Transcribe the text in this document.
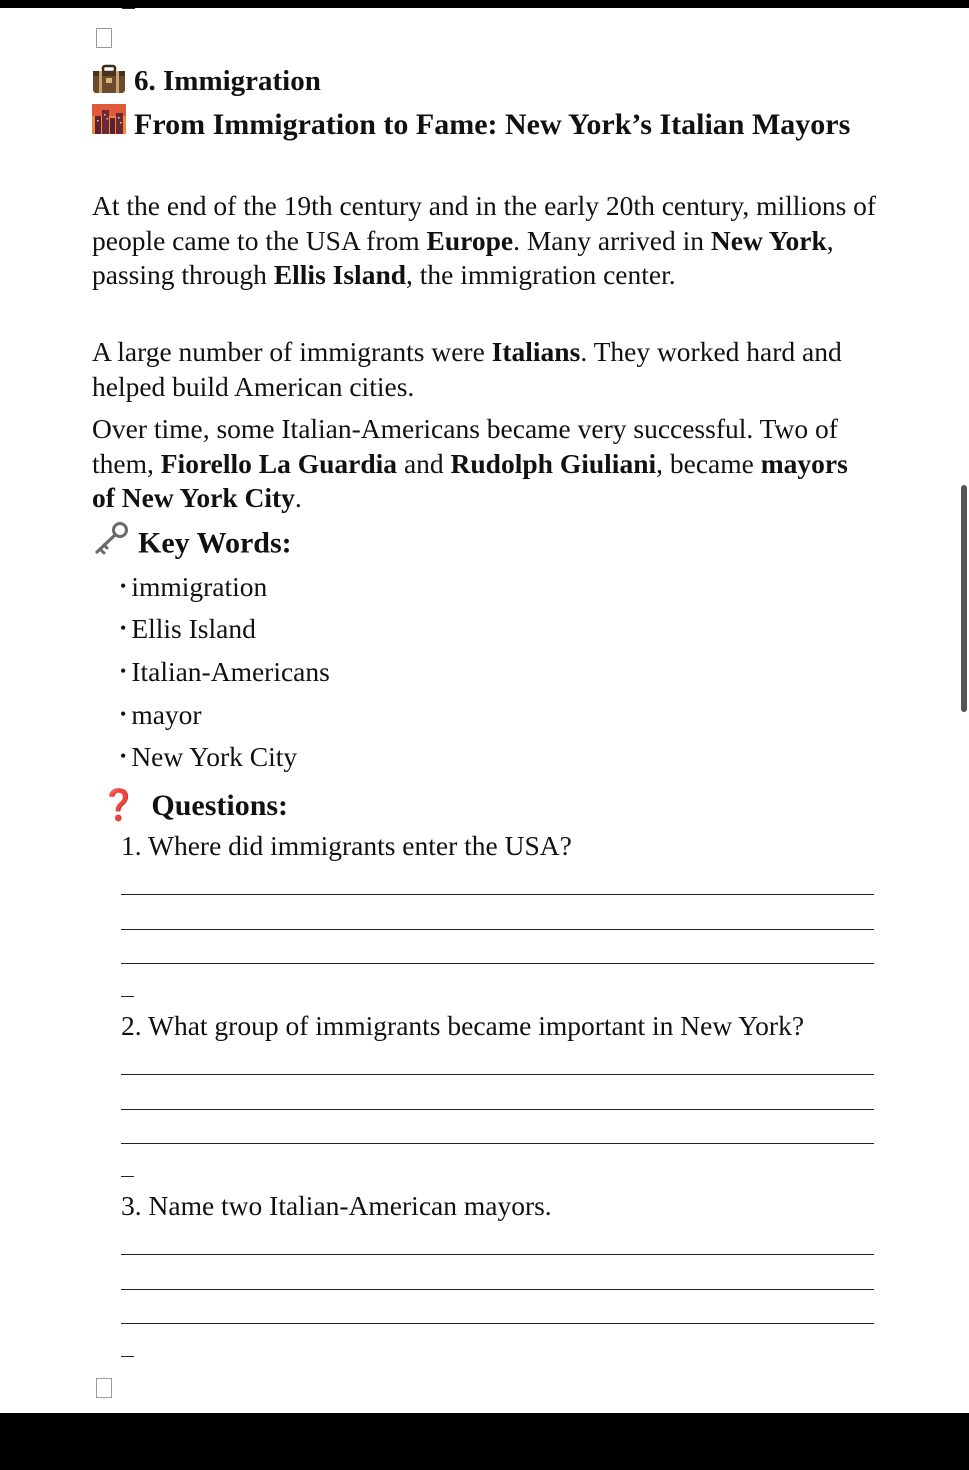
6. Immigration
From Immigration to Fame: New York’s Italian Mayors
At the end of the 19th century and in the early 20th century, millions of people came to the USA from Europe. Many arrived in New York, passing through Ellis Island, the immigration center.
A large number of immigrants were Italians. They worked hard and helped build American cities.
Over time, some Italian-Americans became very successful. Two of them, Fiorello La Guardia and Rudolph Giuliani, became mayors of New York City.
Key Words:
• immigration
• Ellis Island
• Italian-Americans
• mayor
• New York City
❓ Questions:
1. Where did immigrants enter the USA?
2. What group of immigrants became important in New York?
3. Name two Italian-American mayors.
